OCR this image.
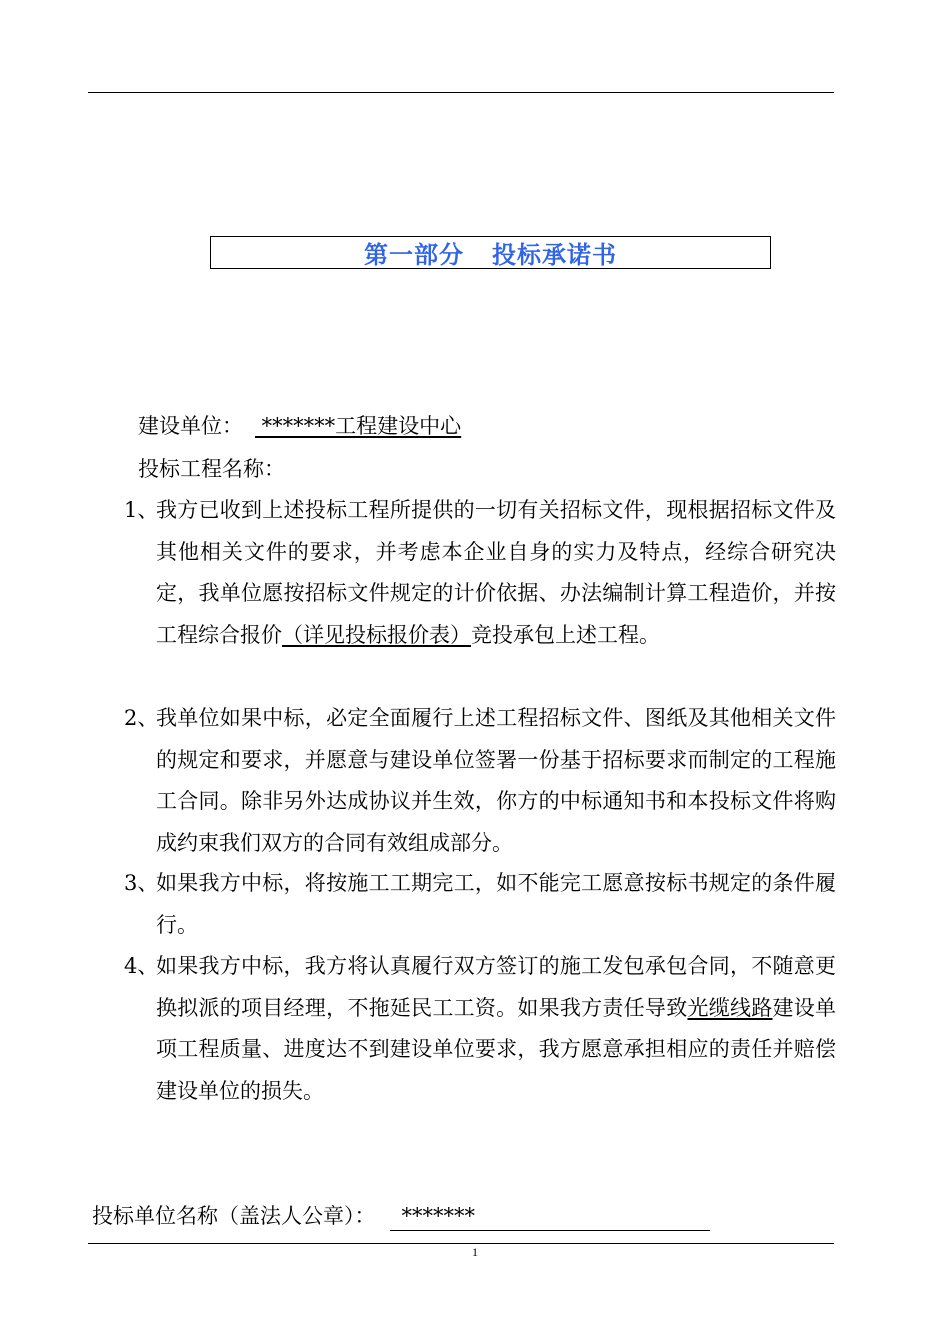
第一部分   投标承诺书
建设单位： *******工程建设中心
投标工程名称：
1、
我方已收到上述投标工程所提供的一切有关招标文件，现根据招标文件及其他相关文件的要求，并考虑本企业自身的实力及特点，经综合研究决定，我单位愿按招标文件规定的计价依据、办法编制计算工程造价，并按工程综合报价（详见投标报价表）竞投承包上述工程。
2、
我单位如果中标，必定全面履行上述工程招标文件、图纸及其他相关文件的规定和要求，并愿意与建设单位签署一份基于招标要求而制定的工程施工合同。除非另外达成协议并生效，你方的中标通知书和本投标文件将购成约束我们双方的合同有效组成部分。
3、
如果我方中标，将按施工工期完工，如不能完工愿意按标书规定的条件履行。
4、
如果我方中标，我方将认真履行双方签订的施工发包承包合同，不随意更换拟派的项目经理，不拖延民工工资。如果我方责任导致光缆线路建设单项工程质量、进度达不到建设单位要求，我方愿意承担相应的责任并赔偿建设单位的损失。
投标单位名称（盖法人公章）： *******
1
